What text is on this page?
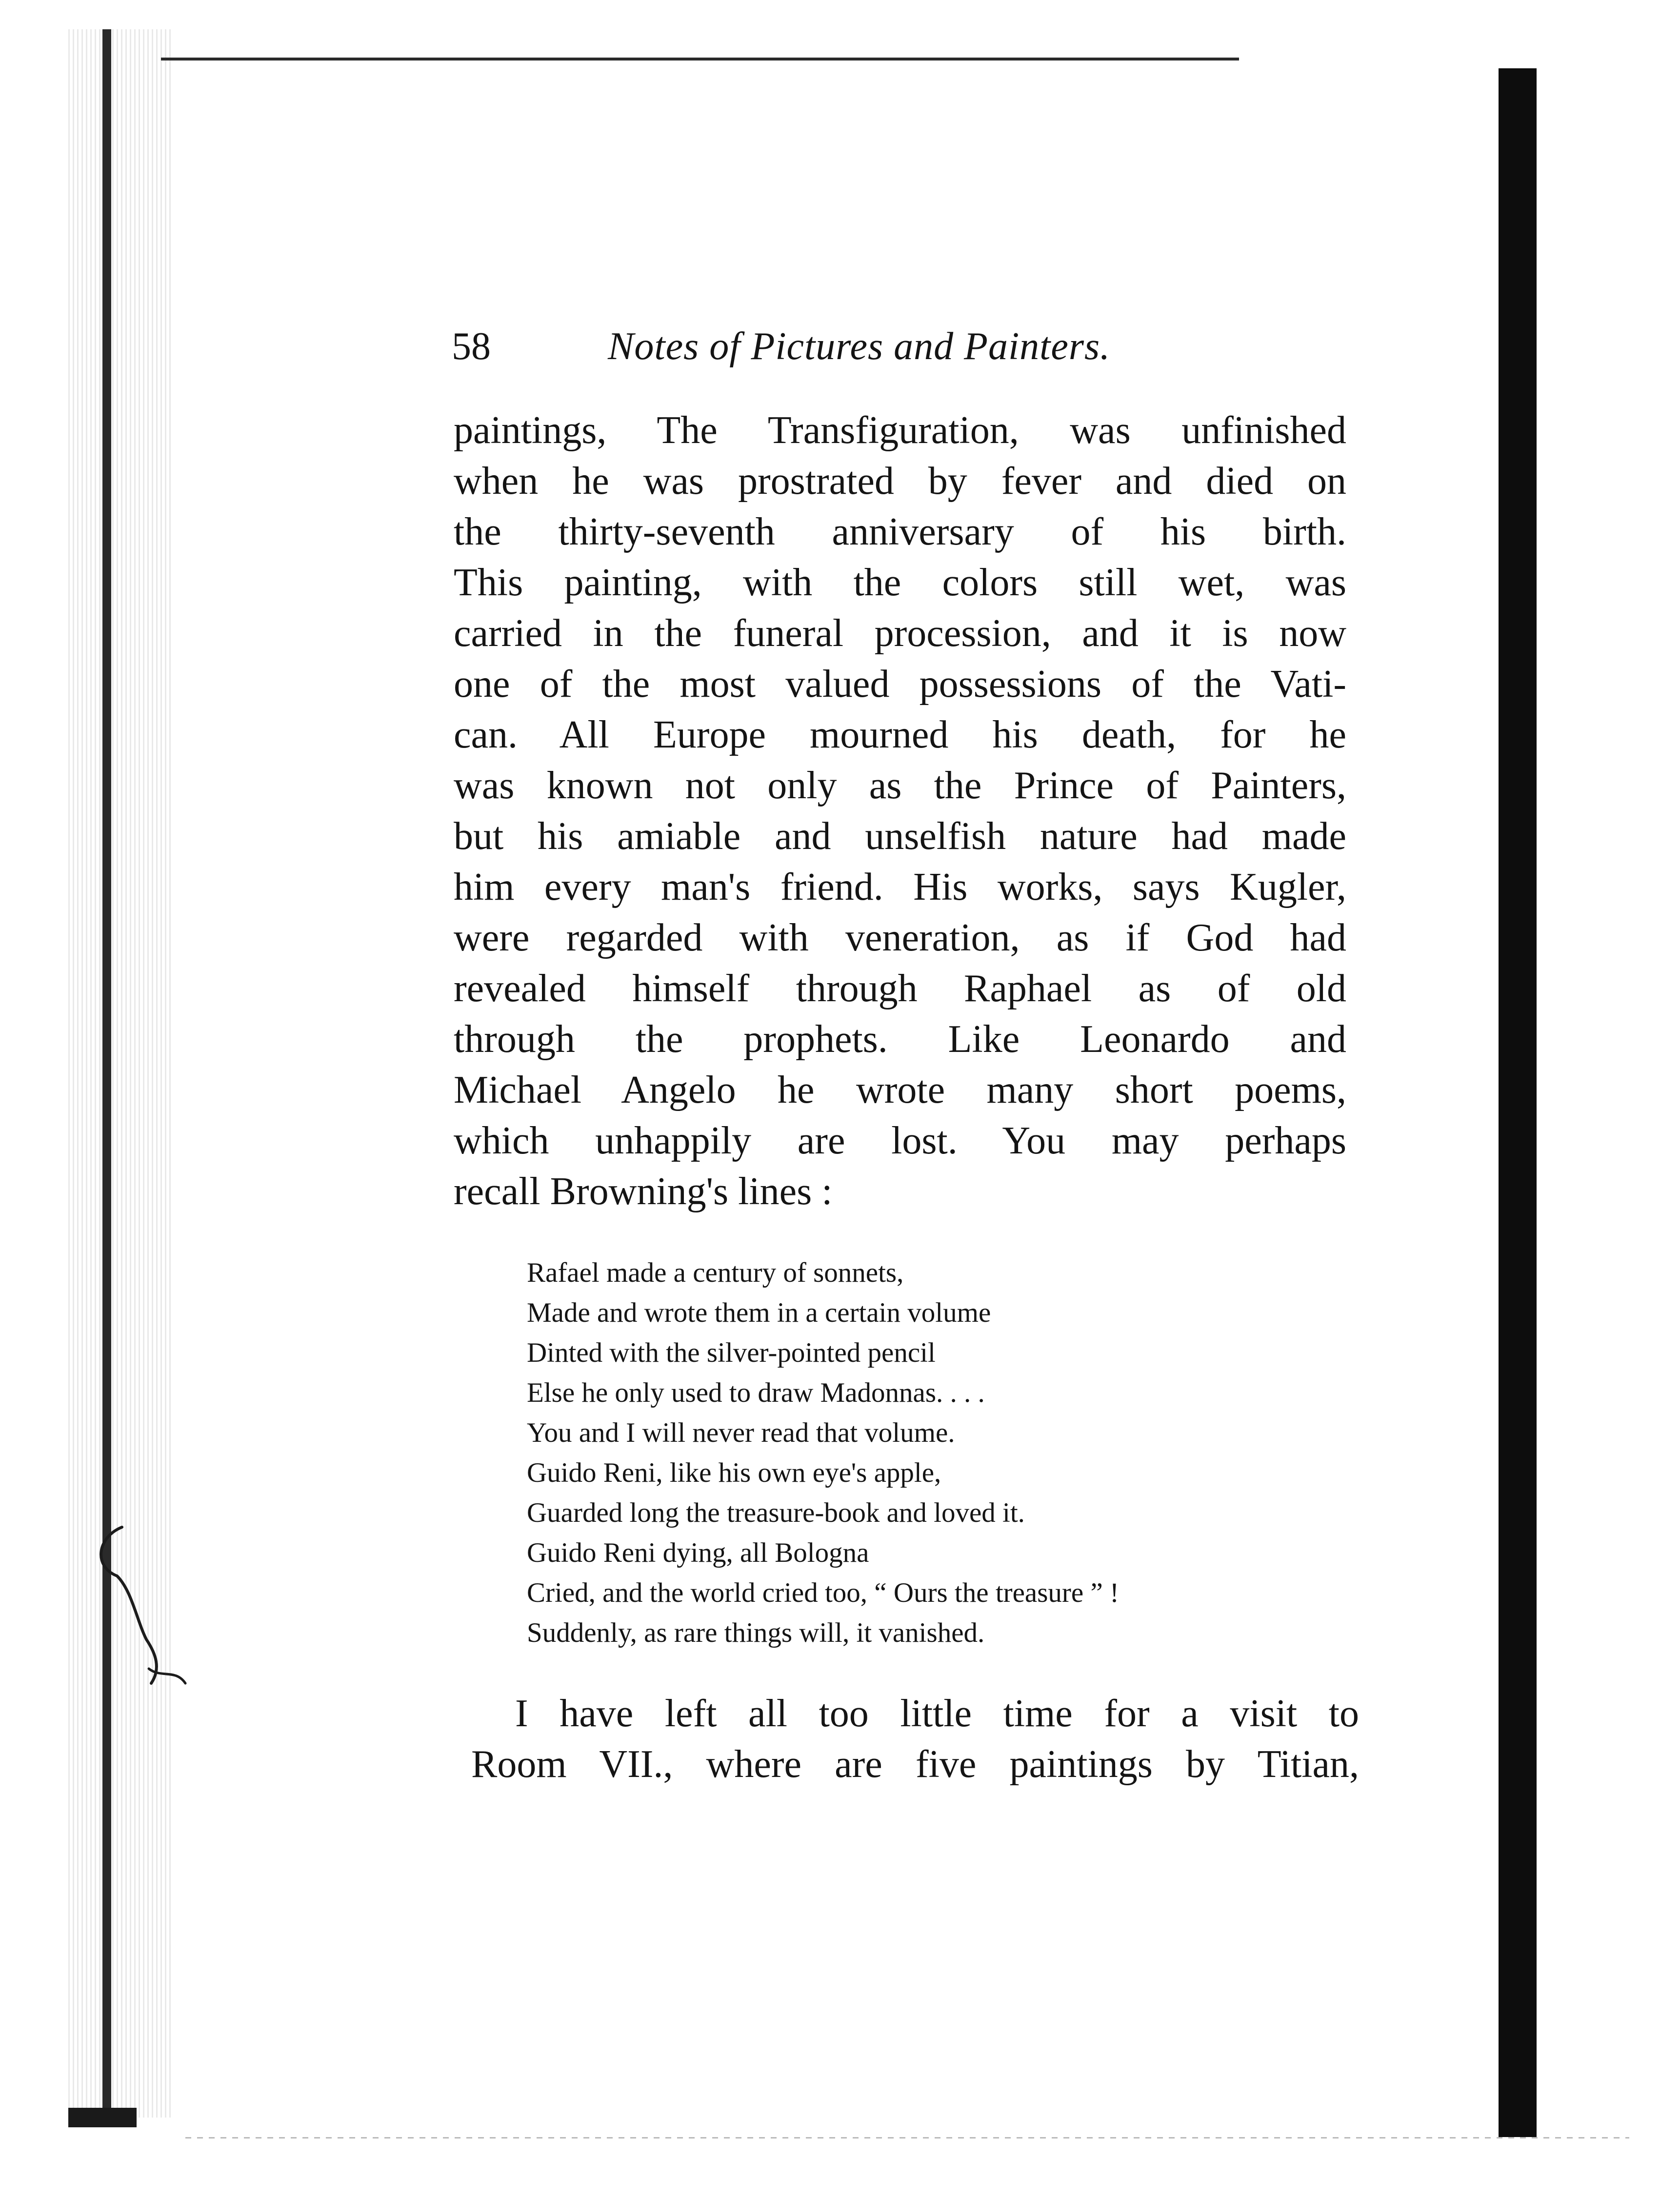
58	Notes of Pictures and Painters.
paintings, The Transfiguration, was unfinished
when he was prostrated by fever and died on
the thirty-seventh anniversary of his birth.
This painting, with the colors still wet, was
carried in the funeral procession, and it is now
one of the most valued possessions of the Vati-
can. All Europe mourned his death, for he
was known not only as the Prince of Painters,
but his amiable and unselfish nature had made
him every man's friend. His works, says Kugler,
were regarded with veneration, as if God had
revealed himself through Raphael as of old
through the prophets. Like Leonardo and
Michael Angelo he wrote many short poems,
which unhappily are lost. You may perhaps
recall Browning's lines :
Rafael made a century of sonnets,
Made and wrote them in a certain volume
Dinted with the silver-pointed pencil
Else he only used to draw Madonnas. . . .
You and I will never read that volume.
Guido Reni, like his own eye's apple,
Guarded long the treasure-book and loved it.
Guido Reni dying, all Bologna
Cried, and the world cried too, “ Ours the treasure ” !
Suddenly, as rare things will, it vanished.
I have left all too little time for a visit to
Room VII., where are five paintings by Titian,
